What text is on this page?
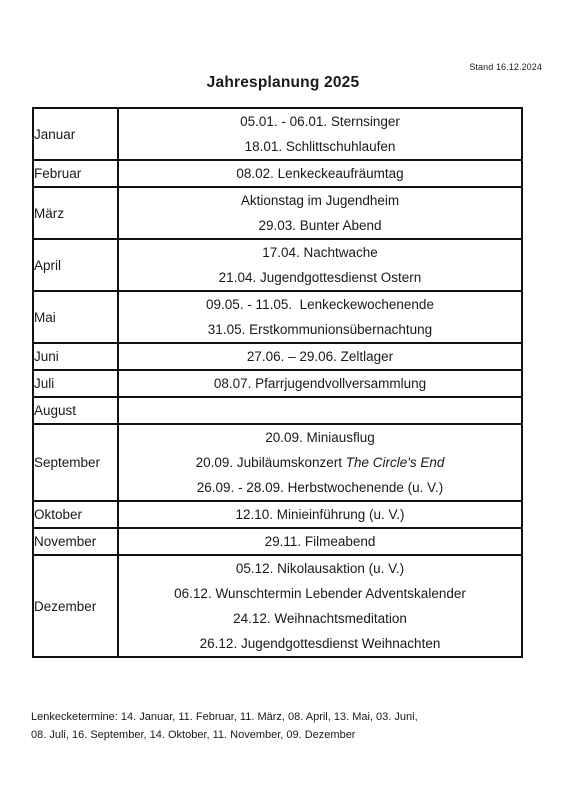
Stand 16.12.2024
Jahresplanung 2025
Januar	05.01. - 06.01. Sternsinger
18.01. Schlittschuhlaufen

Februar	08.02. Lenkeckeaufräumtag

März	Aktionstag im Jugendheim
29.03. Bunter Abend

April	17.04. Nachtwache
21.04. Jugendgottesdienst Ostern

Mai	09.05. - 11.05.  Lenkeckewochenende
31.05. Erstkommunionsübernachtung

Juni	27.06. – 29.06. Zeltlager

Juli	08.07. Pfarrjugendvollversammlung

August	
September	20.09. Miniausflug
20.09. Jubiläumskonzert The Circle's End
26.09. - 28.09. Herbstwochenende (u. V.)

Oktober	12.10. Minieinführung (u. V.)

November	29.11. Filmeabend

Dezember	05.12. Nikolausaktion (u. V.)
06.12. Wunschtermin Lebender Adventskalender
24.12. Weihnachtsmeditation
26.12. Jugendgottesdienst Weihnachten
Lenkecketermine: 14. Januar, 11. Februar, 11. März, 08. April, 13. Mai, 03. Juni,
08. Juli, 16. September, 14. Oktober, 11. November, 09. Dezember
